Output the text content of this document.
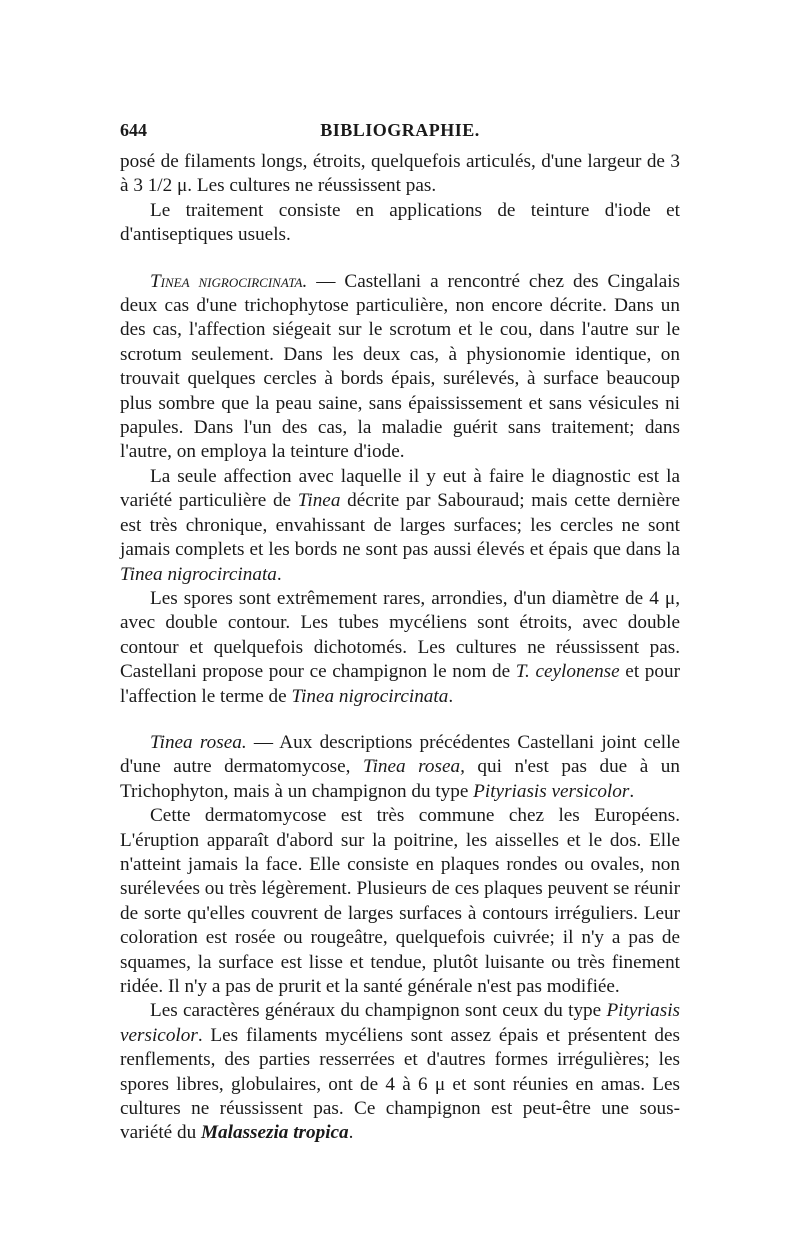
644	BIBLIOGRAPHIE.

posé de filaments longs, étroits, quelquefois articulés, d'une largeur de 3 à 3 1/2 μ. Les cultures ne réussissent pas.

Le traitement consiste en applications de teinture d'iode et d'antiseptiques usuels.

Tinea nigrocircinata. — Castellani a rencontré chez des Cingalais deux cas d'une trichophytose particulière, non encore décrite. Dans un des cas, l'affection siégeait sur le scrotum et le cou, dans l'autre sur le scrotum seulement. Dans les deux cas, à physionomie identique, on trouvait quelques cercles à bords épais, surélevés, à surface beaucoup plus sombre que la peau saine, sans épaississement et sans vésicules ni papules. Dans l'un des cas, la maladie guérit sans traitement; dans l'autre, on employa la teinture d'iode.

La seule affection avec laquelle il y eut à faire le diagnostic est la variété particulière de Tinea décrite par Sabouraud; mais cette dernière est très chronique, envahissant de larges surfaces; les cercles ne sont jamais complets et les bords ne sont pas aussi élevés et épais que dans la Tinea nigrocircinata.

Les spores sont extrêmement rares, arrondies, d'un diamètre de 4 μ, avec double contour. Les tubes mycéliens sont étroits, avec double contour et quelquefois dichotomés. Les cultures ne réussissent pas. Castellani propose pour ce champignon le nom de T. ceylonense et pour l'affection le terme de Tinea nigrocircinata.

Tinea rosea. — Aux descriptions précédentes Castellani joint celle d'une autre dermatomycose, Tinea rosea, qui n'est pas due à un Trichophyton, mais à un champignon du type Pityriasis versicolor.

Cette dermatomycose est très commune chez les Européens. L'éruption apparaît d'abord sur la poitrine, les aisselles et le dos. Elle n'atteint jamais la face. Elle consiste en plaques rondes ou ovales, non surélevées ou très légèrement. Plusieurs de ces plaques peuvent se réunir de sorte qu'elles couvrent de larges surfaces à contours irréguliers. Leur coloration est rosée ou rougeâtre, quelquefois cuivrée; il n'y a pas de squames, la surface est lisse et tendue, plutôt luisante ou très finement ridée. Il n'y a pas de prurit et la santé générale n'est pas modifiée.

Les caractères généraux du champignon sont ceux du type Pityriasis versicolor. Les filaments mycéliens sont assez épais et présentent des renflements, des parties resserrées et d'autres formes irrégulières; les spores libres, globulaires, ont de 4 à 6 μ et sont réunies en amas. Les cultures ne réussissent pas. Ce champignon est peut-être une sous-variété du Malassezia tropica.
